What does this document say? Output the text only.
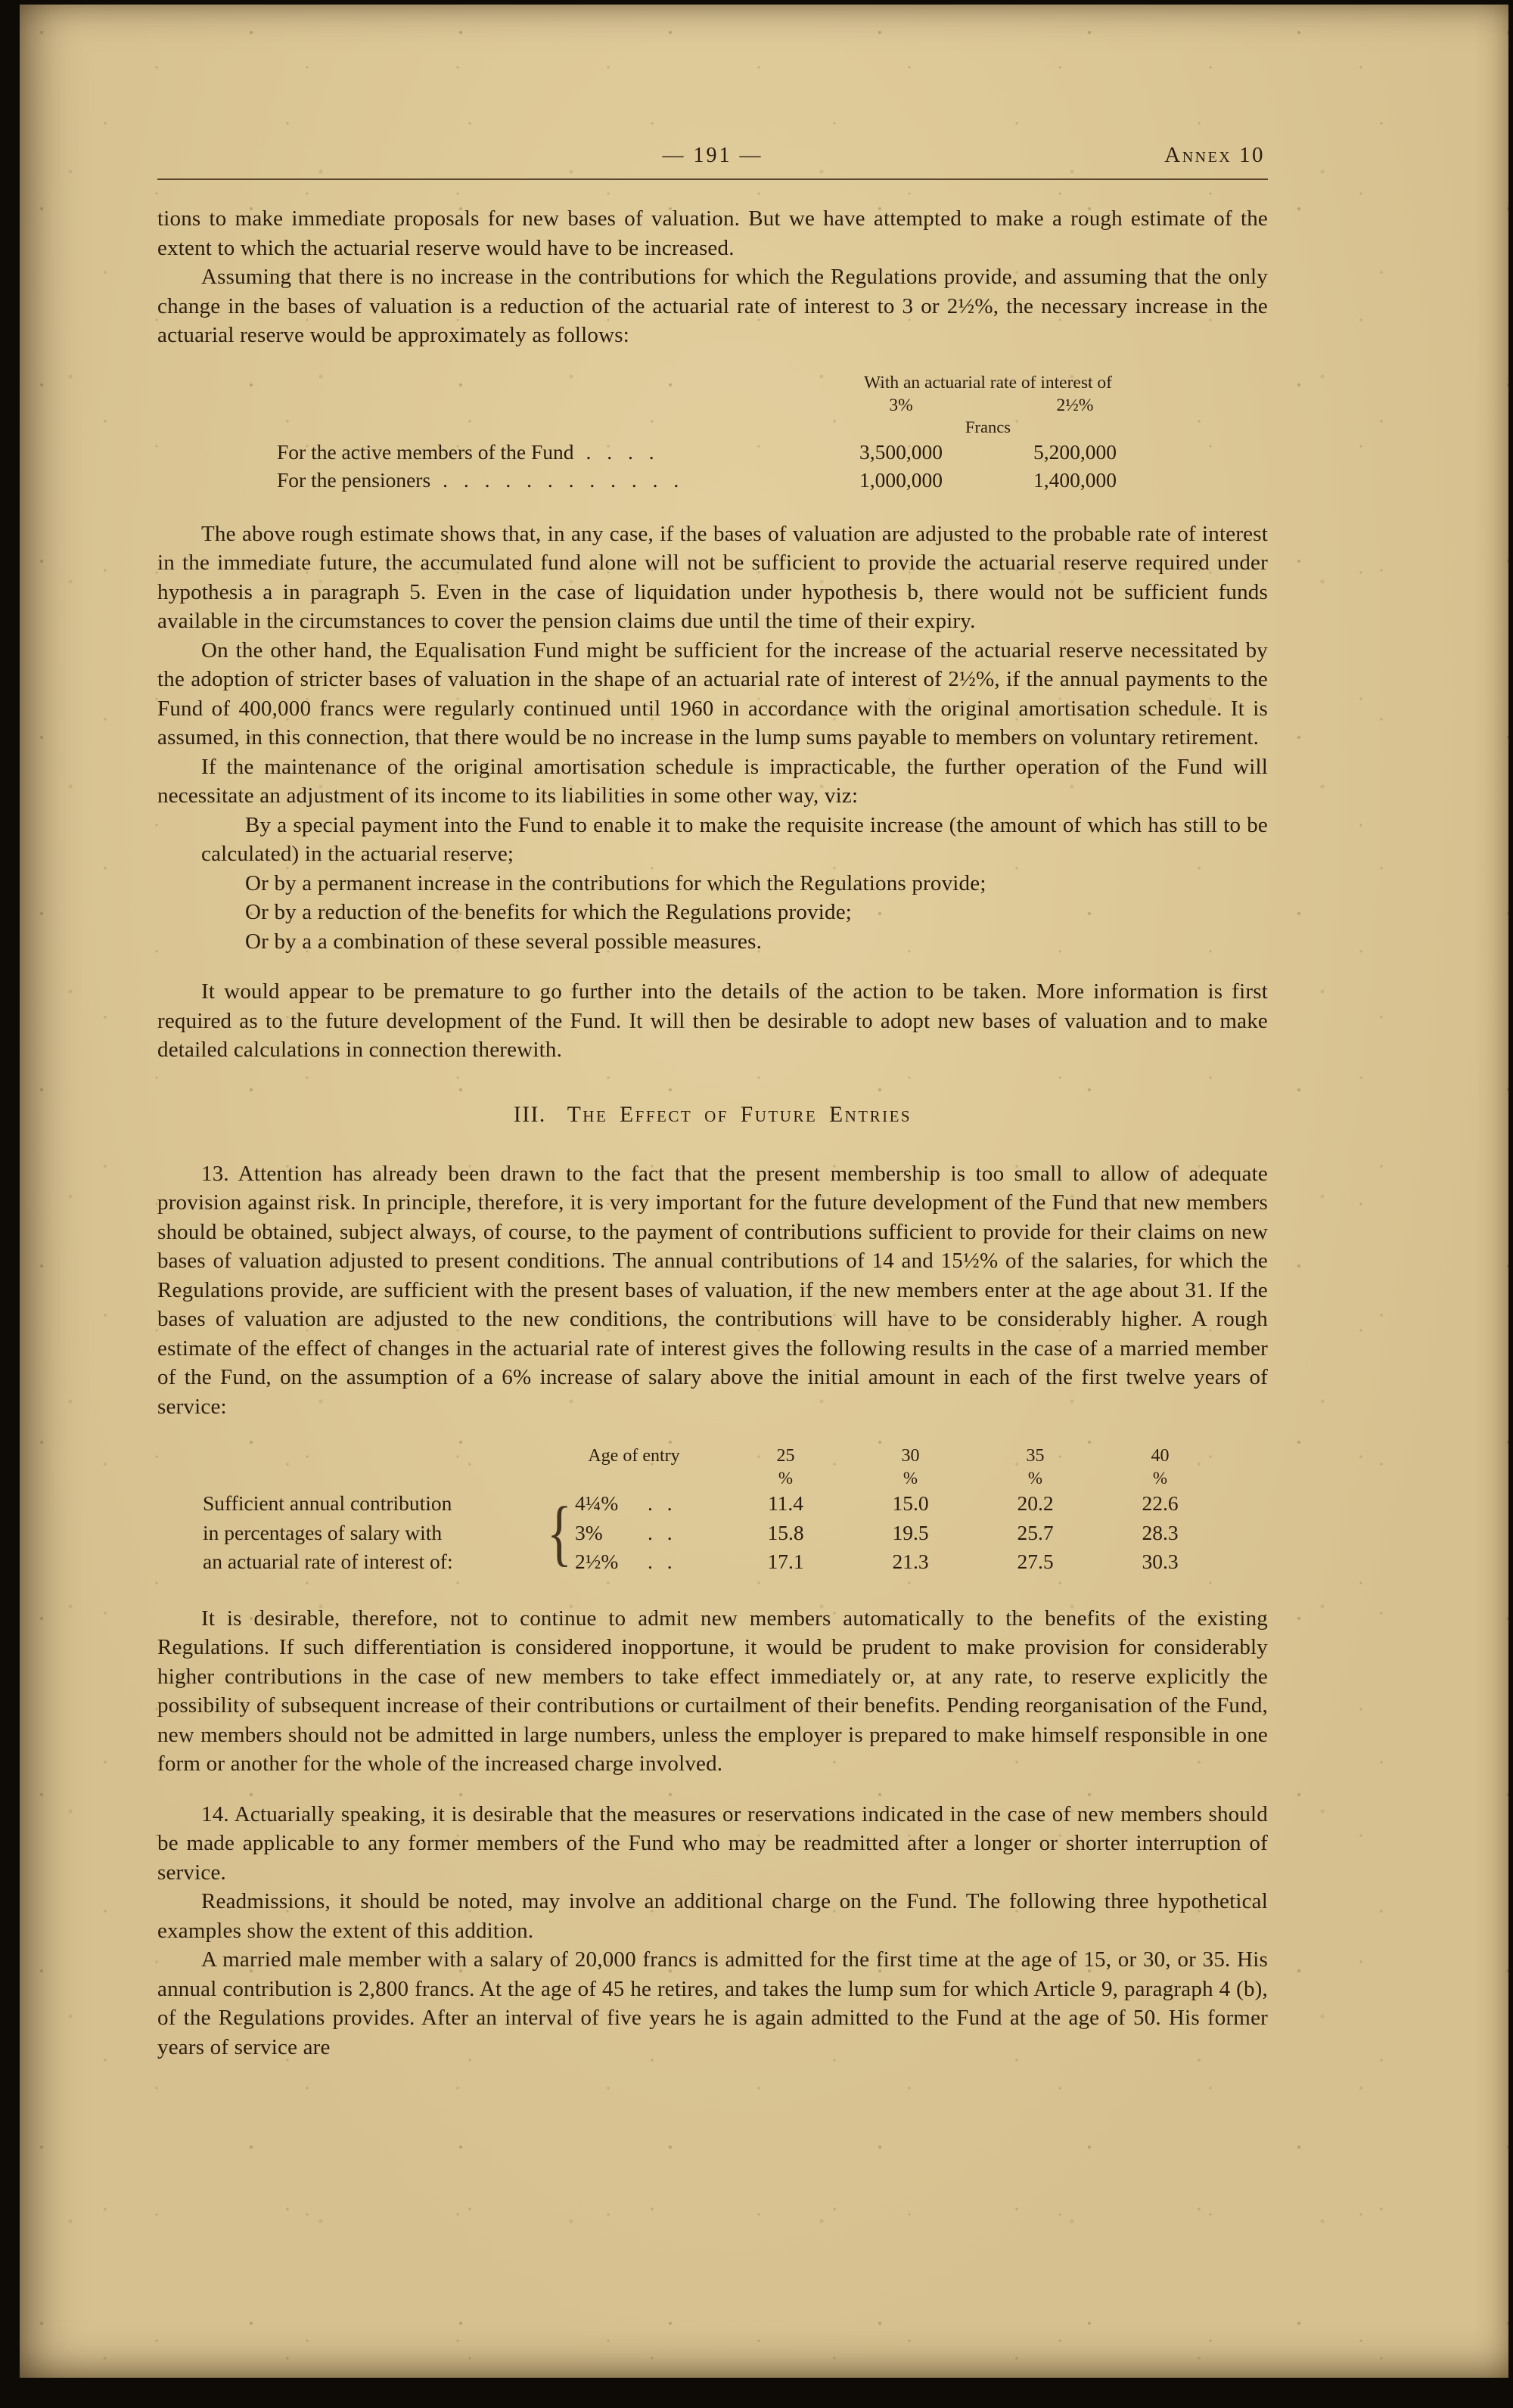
— 191 —	Annex 10

tions to make immediate proposals for new bases of valuation. But we have attempted to make a rough estimate of the extent to which the actuarial reserve would have to be increased.

Assuming that there is no increase in the contributions for which the Regulations provide, and assuming that the only change in the bases of valuation is a reduction of the actuarial rate of interest to 3 or 2½%, the necessary increase in the actuarial reserve would be approximately as follows:

With an actuarial rate of interest of
3%	2½%
Francs
For the active members of the Fund . . . .	3,500,000	5,200,000
For the pensioners . . . . . . . . . . . .	1,000,000	1,400,000

The above rough estimate shows that, in any case, if the bases of valuation are adjusted to the probable rate of interest in the immediate future, the accumulated fund alone will not be sufficient to provide the actuarial reserve required under hypothesis a in paragraph 5. Even in the case of liquidation under hypothesis b, there would not be sufficient funds available in the circumstances to cover the pension claims due until the time of their expiry.

On the other hand, the Equalisation Fund might be sufficient for the increase of the actuarial reserve necessitated by the adoption of stricter bases of valuation in the shape of an actuarial rate of interest of 2½%, if the annual payments to the Fund of 400,000 francs were regularly continued until 1960 in accordance with the original amortisation schedule. It is assumed, in this connection, that there would be no increase in the lump sums payable to members on voluntary retirement.

If the maintenance of the original amortisation schedule is impracticable, the further operation of the Fund will necessitate an adjustment of its income to its liabilities in some other way, viz:

By a special payment into the Fund to enable it to make the requisite increase (the amount of which has still to be calculated) in the actuarial reserve;

Or by a permanent increase in the contributions for which the Regulations provide;

Or by a reduction of the benefits for which the Regulations provide;

Or by a a combination of these several possible measures.

It would appear to be premature to go further into the details of the action to be taken. More information is first required as to the future development of the Fund. It will then be desirable to adopt new bases of valuation and to make detailed calculations in connection therewith.

III. The Effect of Future Entries

13. Attention has already been drawn to the fact that the present membership is too small to allow of adequate provision against risk. In principle, therefore, it is very important for the future development of the Fund that new members should be obtained, subject always, of course, to the payment of contributions sufficient to provide for their claims on new bases of valuation adjusted to present conditions. The annual contributions of 14 and 15½% of the salaries, for which the Regulations provide, are sufficient with the present bases of valuation, if the new members enter at the age about 31. If the bases of valuation are adjusted to the new conditions, the contributions will have to be considerably higher. A rough estimate of the effect of changes in the actuarial rate of interest gives the following results in the case of a married member of the Fund, on the assumption of a 6% increase of salary above the initial amount in each of the first twelve years of service:

Age of entry	25	30	35	40
%	%	%	%
Sufficient annual contribution	{ 4¼% . .	11.4	15.0	20.2	22.6
in percentages of salary with	3% . .	15.8	19.5	25.7	28.3
an actuarial rate of interest of:	2½% . .	17.1	21.3	27.5	30.3

It is desirable, therefore, not to continue to admit new members automatically to the benefits of the existing Regulations. If such differentiation is considered inopportune, it would be prudent to make provision for considerably higher contributions in the case of new members to take effect immediately or, at any rate, to reserve explicitly the possibility of subsequent increase of their contributions or curtailment of their benefits. Pending reorganisation of the Fund, new members should not be admitted in large numbers, unless the employer is prepared to make himself responsible in one form or another for the whole of the increased charge involved.

14. Actuarially speaking, it is desirable that the measures or reservations indicated in the case of new members should be made applicable to any former members of the Fund who may be readmitted after a longer or shorter interruption of service.

Readmissions, it should be noted, may involve an additional charge on the Fund. The following three hypothetical examples show the extent of this addition.

A married male member with a salary of 20,000 francs is admitted for the first time at the age of 15, or 30, or 35. His annual contribution is 2,800 francs. At the age of 45 he retires, and takes the lump sum for which Article 9, paragraph 4 (b), of the Regulations provides. After an interval of five years he is again admitted to the Fund at the age of 50. His former years of service are
